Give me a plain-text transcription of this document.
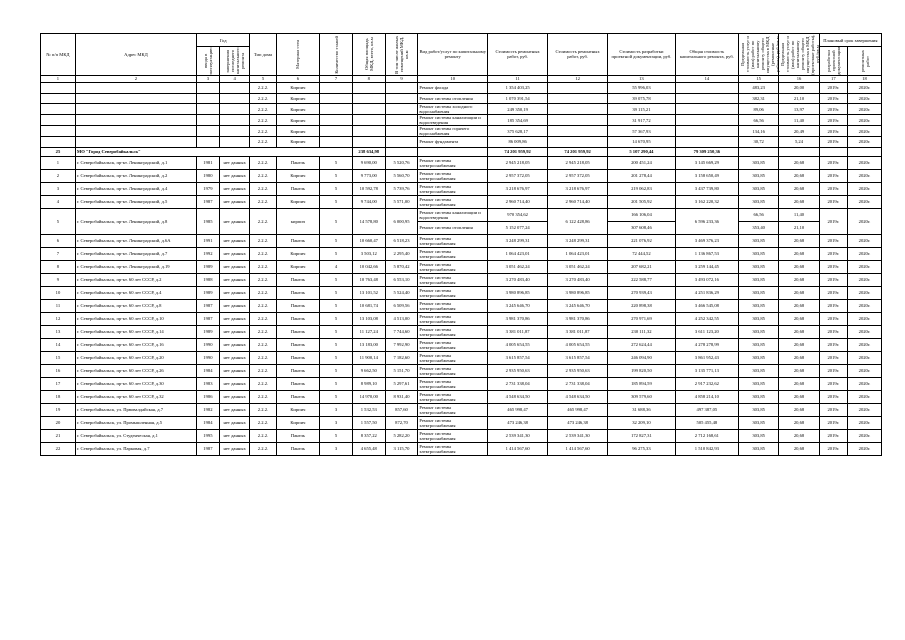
№ п/п МКД	Адрес МКД	Год		Тип дома	Материал стен	Количество этажей	Общая площадь МКД, всего, кв.м	В том числе жилых помещений МКД, кв.м	Вид работ/услуг по капитальному ремонту	Стоимость ремонтных работ, руб.	Стоимость ремонтных работ, руб.	Стоимость разработки проектной документации, руб.	Общая стоимость капитального ремонта, руб.	Предельная стоимость услуг и (или) работ по капитальному ремонту общего имущества в МКД (ремонтные работы), руб./кв.м	Предельная стоимость услуг и (или) работ по капитальному ремонту общего имущества в МКД (проектные работы), руб./кв.м	Плановый срок завершения	

		ввода в эксплуатацию	завершения последнего капитального ремонта													разработки проектной документации	ремонтных работ

1	2	3	4	5	6	7	8	9	10	11	12	13	14	15	16	17	18
				2.2.2.	Кирпич				Ремонт фасада	1 354 403,25		55 996,03		483,23	20,00	2019г.	2020г.
				2.2.2.	Кирпич				Ремонт системы отопления	1 070 391,54		39 075,78		382,31	21,10	2019г.	2020г.
				2.2.2.	Кирпич				Ремонт системы холодного водоснабжения	249 350,19		39 115,21		89,06	13,97	2019г.	2020г.
				2.2.2.	Кирпич				Ремонт системы канализации и водоотведения	185 354,69		31 917,72		66,56	11,40	2019г.	2020г.
				2.2.2.	Кирпич				Ремонт системы горячего водоснабжения	375 628,17		57 367,93		134,16	20,49	2019г.	2020г.
				2.2.2.	Кирпич				Ремонт фундамента	86 009,86		14 670,95		30,72	5,24	2019г.	2020г.
25	МО "Город Северобайкальск"						238 634,98			74 201 959,92	74 201 959,92	5 107 290,44	79 309 250,36				
1	г. Северобайкальск, пр-кт. Ленинградский, д.1	1981	нет данных	2.2.2.	Панель	5	9 690,00	5 520,76	Ремонт системы электроснабжения	2 945 218,05	2 945 218,05	200 451,24	3 145 669,29	303,85	20,68	2019г.	2020г.
2	г. Северобайкальск, пр-кт. Ленинградский, д.2	1980	нет данных	2.2.2.	Кирпич	5	9 773,00	5 560,70	Ремонт системы электроснабжения	2 957 372,05	2 957 372,05	201 278,44	3 158 650,49	303,85	20,68	2019г.	2020г.
3	г. Северобайкальск, пр-кт. Ленинградский, д.4	1979	нет данных	2.2.2.	Панель	5	10 592,78	5 739,76	Ремонт системы электроснабжения	3 218 676,97	3 218 676,97	219 062,83	3 437 739,80	303,85	20,68	2019г.	2020г.
4	г. Северобайкальск, пр-кт. Ленинградский, д.5	1987	нет данных	2.2.2.	Кирпич	5	9 744,00	5 571,00	Ремонт системы электроснабжения	2 960 714,40	2 960 714,40	201 505,92	3 162 220,32	303,85	20,68	2019г.	2020г.
5	г. Северобайкальск, пр-кт. Ленинградский, д.8	1985	нет данных	2.2.2.	кирпич	5	14 578,80	6 000,95	Ремонт системы канализации и водоотведения	970 354,62	6 122 428,86	166 106,04	6 596 233,36	66,56	11,40	2019г.	2020г.
									Ремонт системы отопления	5 152 077,24		307 608,46		353,40	21,10		
6	г. Северобайкальск, пр-кт. Ленинградский, д.6А	1991	нет данных	2.2.2.	Панель	5	10 660,47	6 518,23	Ремонт системы электроснабжения	3 248 299,31	3 248 299,31	221 076,92	3 469 376,23	303,85	20,68	2019г.	2020г.
7	г. Северобайкальск, пр-кт. Ленинградский, д.7	1992	нет данных	2.2.2.	Кирпич	5	3 503,12	2 295,40	Ремонт системы электроснабжения	1 064 423,01	1 064 423,01	72 444,52	1 136 867,53	303,85	20,68	2019г.	2020г.
8	г. Северобайкальск, пр-кт. Ленинградский, д.19	1989	нет данных	2.2.2.	Кирпич	4	10 042,66	5 870,42	Ремонт системы электроснабжения	3 051 462,24	3 051 462,24	207 682,21	3 259 144,45	303,85	20,68	2019г.	2020г.
9	г. Северобайкальск, пр-кт. 60 лет СССР, д.2	1988	нет данных	2.2.2.	Панель	5	10 763,48	6 553,10	Ремонт системы электроснабжения	3 270 483,40	3 270 483,40	222 588,77	3 493 072,16	303,85	20,68	2019г.	2020г.
10	г. Северобайкальск, пр-кт. 60 лет СССР, д.4	1989	нет данных	2.2.2.	Панель	5	13 101,52	5 524,40	Ремонт системы электроснабжения	3 980 896,85	3 980 896,85	270 939,43	4 251 836,29	303,85	20,68	2019г.	2020г.
11	г. Северобайкальск, пр-кт. 60 лет СССР, д.8	1987	нет данных	2.2.2.	Панель	5	10 681,74	6 509,56	Ремонт системы электроснабжения	3 245 646,70	3 245 646,70	220 898,38	3 466 545,08	303,85	20,68	2019г.	2020г.
12	г. Северобайкальск, пр-кт. 60 лет СССР, д.10	1987	нет данных	2.2.2.	Панель	5	13 103,08	4 513,00	Ремонт системы электроснабжения	3 981 370,86	3 981 370,86	270 971,69	4 252 342,55	303,85	20,68	2019г.	2020г.
13	г. Северобайкальск, пр-кт. 60 лет СССР, д.14	1989	нет данных	2.2.2.	Панель	5	11 127,24	7 744,60	Ремонт системы электроснабжения	3 381 011,87	3 381 011,87	230 111,32	3 611 123,20	303,85	20,68	2019г.	2020г.
14	г. Северобайкальск, пр-кт. 60 лет СССР, д.16	1990	нет данных	2.2.2.	Панель	5	13 183,00	7 992,90	Ремонт системы электроснабжения	4 005 654,55	4 005 654,55	272 624,44	4 278 278,99	303,85	20,68	2019г.	2020г.
15	г. Северобайкальск, пр-кт. 60 лет СССР, д.20	1990	нет данных	2.2.2.	Панель	5	11 900,14	7 182,60	Ремонт системы электроснабжения	3 615 857,54	3 615 857,54	246 094,90	3 861 952,43	303,85	20,68	2019г.	2020г.
16	г. Северобайкальск, пр-кт. 60 лет СССР, д.26	1984	нет данных	2.2.2.	Панель	5	9 662,50	5 151,70	Ремонт системы электроснабжения	2 935 950,63	2 935 950,63	199 820,50	3 135 771,13	303,85	20,68	2019г.	2020г.
17	г. Северобайкальск, пр-кт. 60 лет СССР, д.30	1983	нет данных	2.2.2.	Панель	5	8 989,10	5 297,61	Ремонт системы электроснабжения	2 731 338,04	2 731 338,04	185 894,59	2 917 232,62	303,85	20,68	2019г.	2020г.
18	г. Северобайкальск, пр-кт. 60 лет СССР, д.32	1986	нет данных	2.2.2.	Панель	5	14 970,00	8 931,40	Ремонт системы электроснабжения	4 548 634,50	4 548 634,50	309 579,60	4 858 214,10	303,85	20,68	2019г.	2020г.
19	г. Северобайкальск, ул. Првовалдайская, д.7	1982	нет данных	2.2.2.	Кирпич	3	1 532,53	857,60	Ремонт системы электроснабжения	465 998,47	465 998,47	31 688,36	497 387,05	303,85	20,68	2019г.	2020г.
20	г. Северобайкальск, ул. Промышленная, д.5	1984	нет данных	2.2.2.	Кирпич	3	1 557,50	872,70	Ремонт системы электроснабжения	473 246,38	473 246,38	32 209,10	505 455,48	303,85	20,68	2019г.	2020г.
21	г. Северобайкальск, ул. Студенческая, д.1	1995	нет данных	2.2.2.	Панель	5	8 357,22	5 282,20	Ремонт системы электроснабжения	2 539 341,30	2 539 341,30	172 827,31	2 712 168,61	303,85	20,68	2019г.	2020г.
22	г. Северобайкальск, ул. Парковая, д.7	1987	нет данных	2.2.2.	Панель	3	4 655,48	3 115,70	Ремонт системы электроснабжения	1 414 567,60	1 414 567,60	96 275,33	1 510 842,93	303,85	20,68	2019г.	2020г.
